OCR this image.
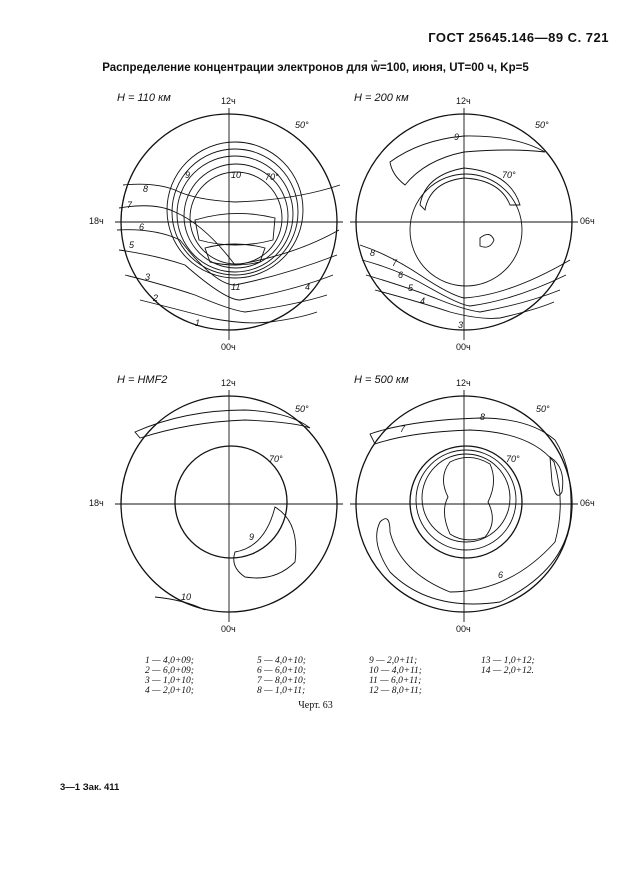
ГОСТ 25645.146—89 С. 721
Распределение концентрации электронов для w̄=100, июня, UT=00 ч, Kp=5
H = 110 км	12ч
00ч
18ч
50°
70°
1
2
3
4
5
6
7
8
9	10
11
H = 200 км	12ч
00ч
06ч
50°
70°
3
4
5
6
7
8
9
H = HMF2	12ч
00ч
18ч
50°
70°
9
10
H = 500 км	12ч
00ч
06ч
50°
70°
6
7
8
1 — 4,0+09;	5 — 4,0+10;	9 — 2,0+11;	13 — 1,0+12;
2 — 6,0+09;	6 — 6,0+10;	10 — 4,0+11;	14 — 2,0+12.
3 — 1,0+10;	7 — 8,0+10;	11 — 6,0+11;
4 — 2,0+10;	8 — 1,0+11;	12 — 8,0+11;
Черт. 63
3—1 Зак. 411
